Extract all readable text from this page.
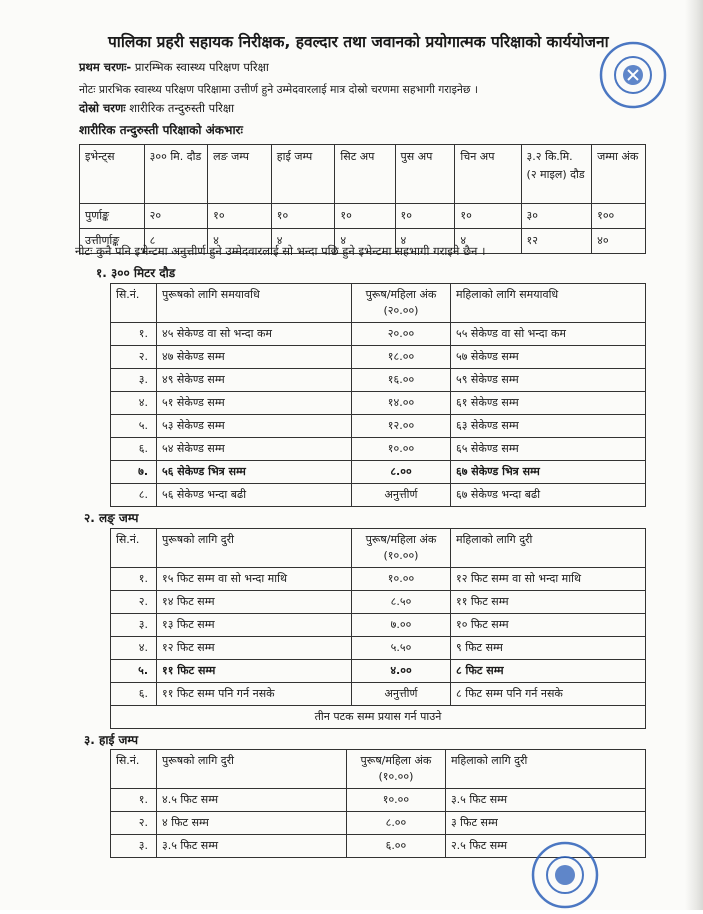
पालिका प्रहरी सहायक निरीक्षक, हवल्दार तथा जवानको प्रयोगात्मक परिक्षाको कार्ययोजना
प्रथम चरणः- प्रारम्भिक स्वास्थ्य परिक्षण परिक्षा
नोटः प्रारभिक स्वास्थ्य परिक्षण परिक्षामा उत्तीर्ण हुने उम्मेदवारलाई मात्र दोस्रो चरणमा सहभागी गराइनेछ ।
दोस्रो चरणः शारीरिक तन्दुरुस्ती परिक्षा
शारीरिक तन्दुरुस्ती परिक्षाको अंकभारः
इभेन्ट्स	३०० मि. दौड	लङ जम्प	हाई जम्प	सिट अप	पुस अप	चिन अप	३.२ कि.मि. (२ माइल) दौड	जम्मा अंक
पुर्णाङ्क	२०	१०	१०	१०	१०	१०	३०	१००
उत्तीर्णाङ्क	८	४	४	४	४	४	१२	४०
नोटः कुनै पनि इभेन्टमा अनुत्तीर्ण हुने उम्मेदवारलाई सो भन्दा पछि हुने इभेन्टमा सहभागी गराइने छैन ।
१. ३०० मिटर दौड
सि.नं.	पुरूषको लागि समयावधि	पुरूष/महिला अंक (२०.००)	महिलाको लागि समयावधि
१.	४५ सेकेण्ड वा सो भन्दा कम	२०.००	५५ सेकेण्ड वा सो भन्दा कम
२.	४७ सेकेण्ड सम्म	१८.००	५७ सेकेण्ड सम्म
३.	४९ सेकेण्ड सम्म	१६.००	५९ सेकेण्ड सम्म
४.	५१ सेकेण्ड सम्म	१४.००	६१ सेकेण्ड सम्म
५.	५३ सेकेण्ड सम्म	१२.००	६३ सेकेण्ड सम्म
६.	५४ सेकेण्ड सम्म	१०.००	६५ सेकेण्ड सम्म
७.	५६ सेकेण्ड भित्र सम्म	८.००	६७ सेकेण्ड भित्र सम्म
८.	५६ सेकेण्ड भन्दा बढी	अनुत्तीर्ण	६७ सेकेण्ड भन्दा बढी
२. लङ् जम्प
सि.नं.	पुरूषको लागि दुरी	पुरूष/महिला अंक (१०.००)	महिलाको लागि दुरी
१.	१५ फिट सम्म वा सो भन्दा माथि	१०.००	१२ फिट सम्म वा सो भन्दा माथि
२.	१४ फिट सम्म	८.५०	११ फिट सम्म
३.	१३ फिट सम्म	७.००	१० फिट सम्म
४.	१२ फिट सम्म	५.५०	९ फिट सम्म
५.	११ फिट सम्म	४.००	८ फिट सम्म
६.	११ फिट सम्म पनि गर्न नसके	अनुत्तीर्ण	८ फिट सम्म पनि गर्न नसके
तीन पटक सम्म प्रयास गर्न पाउने			
३. हाई जम्प
सि.नं.	पुरूषको लागि दुरी	पुरूष/महिला अंक (१०.००)	महिलाको लागि दुरी
१.	४.५ फिट सम्म	१०.००	३.५ फिट सम्म
२.	४ फिट सम्म	८.००	३ फिट सम्म
३.	३.५ फिट सम्म	६.००	२.५ फिट सम्म
